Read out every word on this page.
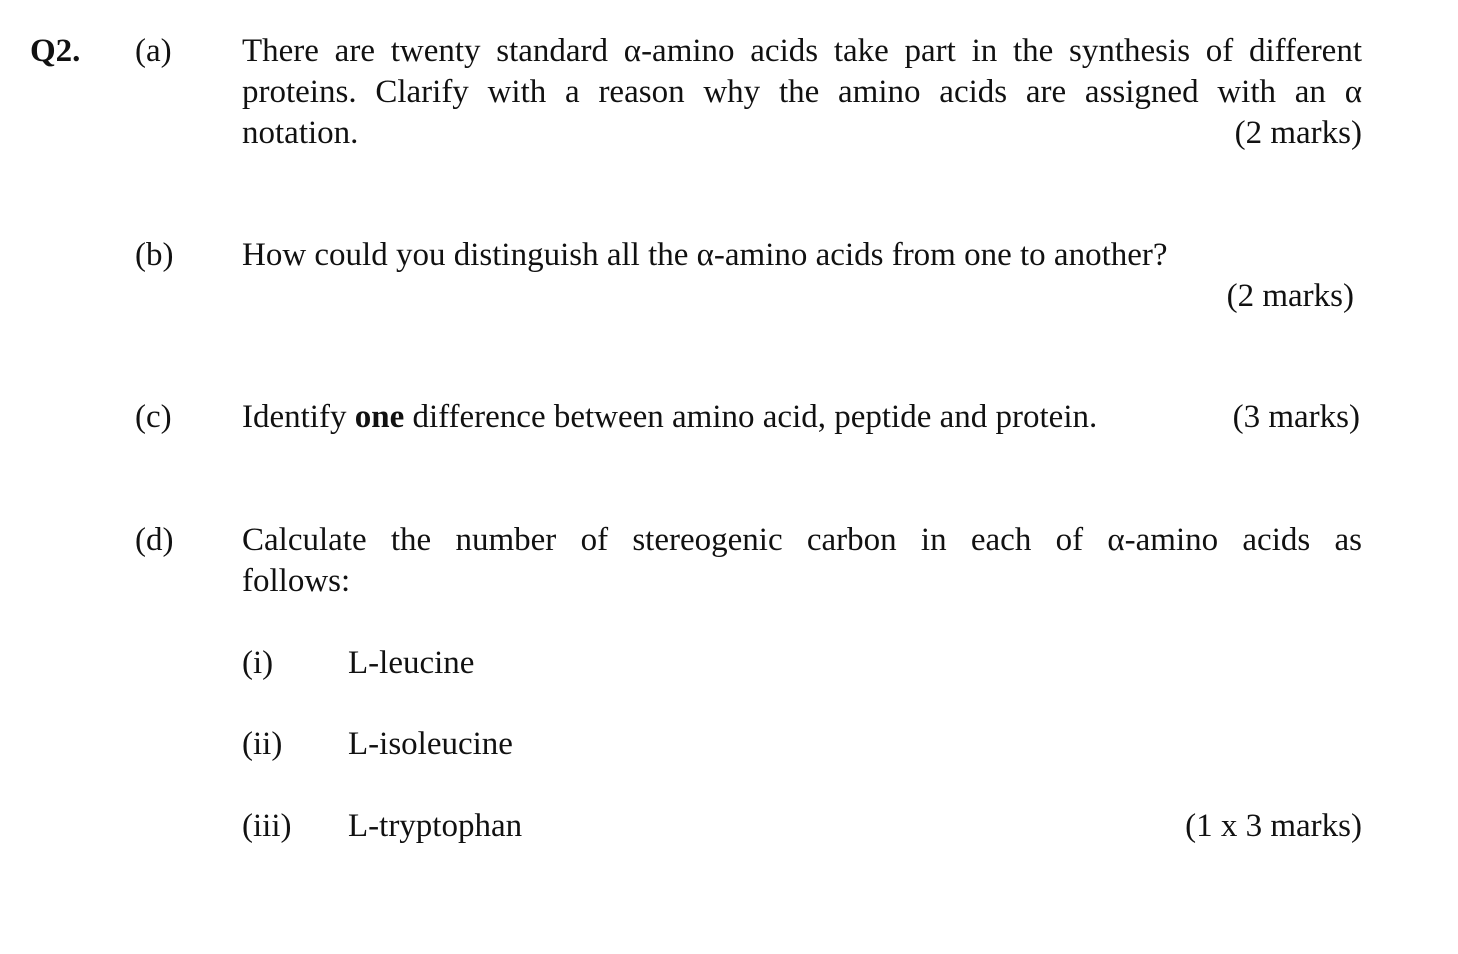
Q2. (a) There are twenty standard α-amino acids take part in the synthesis of different
proteins. Clarify with a reason why the amino acids are assigned with an α
notation.	(2 marks)
(b) How could you distinguish all the α-amino acids from one to another?
(2 marks)
(c) Identify one difference between amino acid, peptide and protein.	(3 marks)
(d) Calculate the number of stereogenic carbon in each of α-amino acids as
follows:
(i) L-leucine
(ii) L-isoleucine
(iii) L-tryptophan	(1 x 3 marks)
